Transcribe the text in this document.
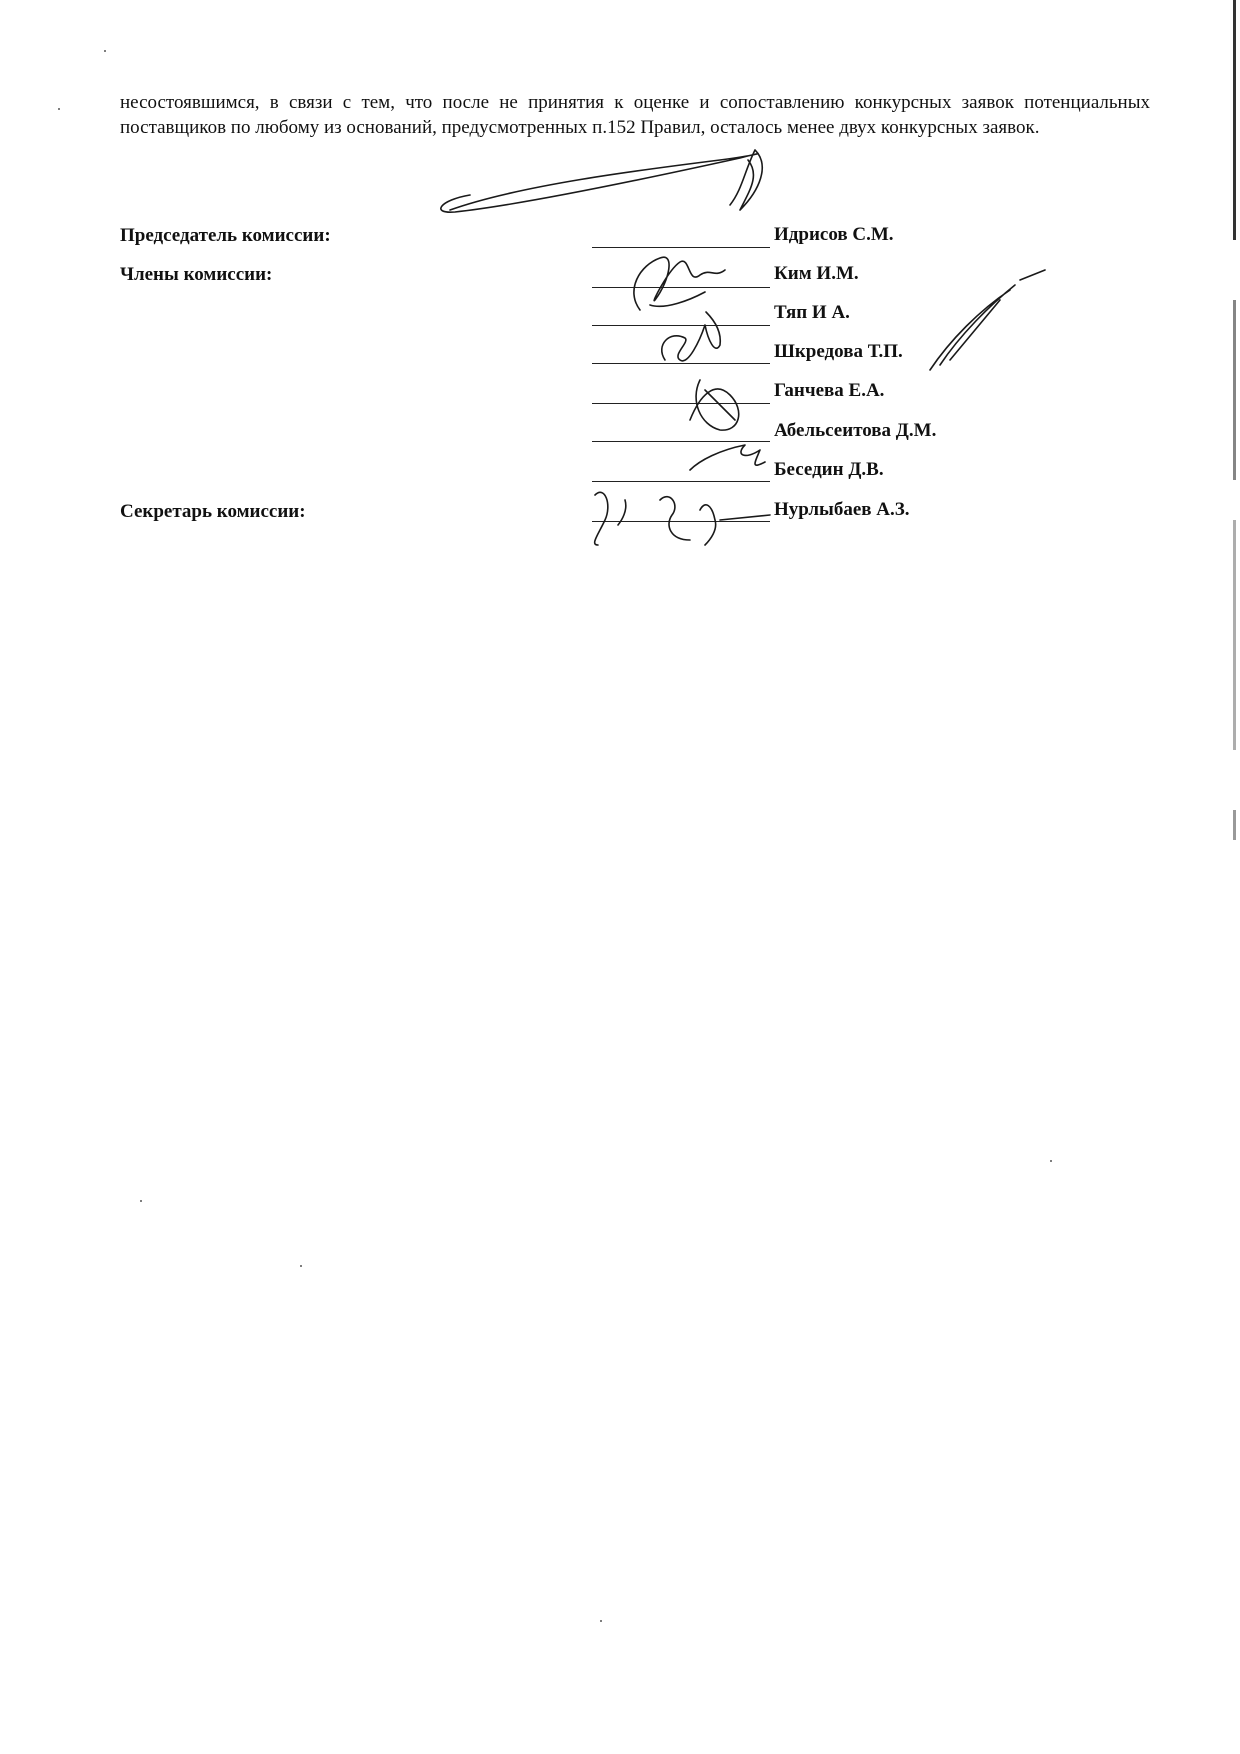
несостоявшимся, в связи с тем, что после не принятия к оценке и сопоставлению конкурсных заявок потенциальных поставщиков по любому из оснований, предусмотренных п.152 Правил, осталось менее двух конкурсных заявок.

Председатель комиссии:

Члены комиссии:

Секретарь комиссии:

Идрисов С.М.

Ким И.М.

Тяп И А.

Шкредова Т.П.

Ганчева Е.А.

Абельсеитова Д.М.

Беседин Д.В.

Нурлыбаев А.З.
